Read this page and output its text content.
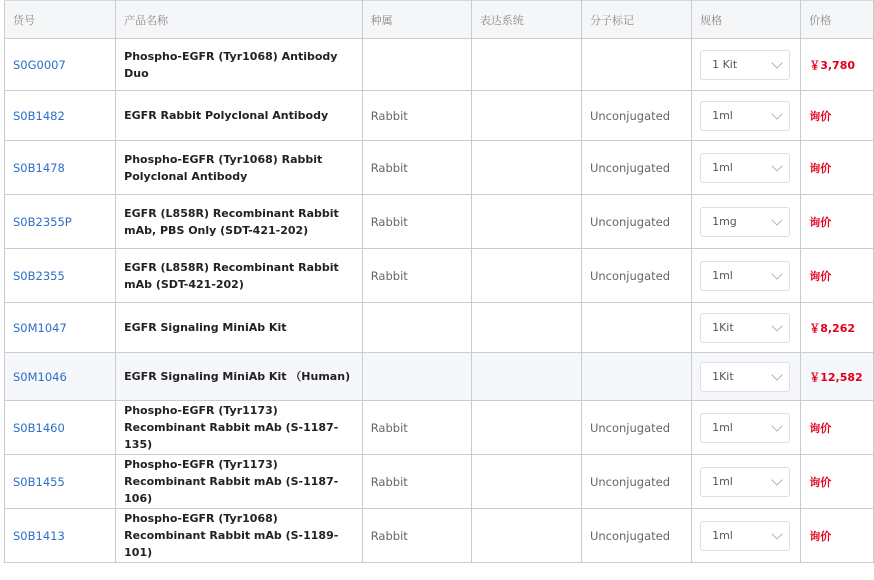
货号	产品名称	种属	表达系统	分子标记	规格	价格
S0G0007	Phospho-EGFR (Tyr1068) Antibody Duo				1 Kit	￥3,780
S0B1482	EGFR Rabbit Polyclonal Antibody	Rabbit		Unconjugated	1ml	询价
S0B1478	Phospho-EGFR (Tyr1068) Rabbit Polyclonal Antibody	Rabbit		Unconjugated	1ml	询价
S0B2355P	EGFR (L858R) Recombinant Rabbit mAb, PBS Only (SDT-421-202)	Rabbit		Unconjugated	1mg	询价
S0B2355	EGFR (L858R) Recombinant Rabbit mAb (SDT-421-202)	Rabbit		Unconjugated	1ml	询价
S0M1047	EGFR Signaling MiniAb Kit				1Kit	￥8,262
S0M1046	EGFR Signaling MiniAb Kit （Human)				1Kit	￥12,582
S0B1460	Phospho-EGFR (Tyr1173) Recombinant Rabbit mAb (S-1187-135)	Rabbit		Unconjugated	1ml	询价
S0B1455	Phospho-EGFR (Tyr1173) Recombinant Rabbit mAb (S-1187-106)	Rabbit		Unconjugated	1ml	询价
S0B1413	Phospho-EGFR (Tyr1068) Recombinant Rabbit mAb (S-1189-101)	Rabbit		Unconjugated	1ml	询价
